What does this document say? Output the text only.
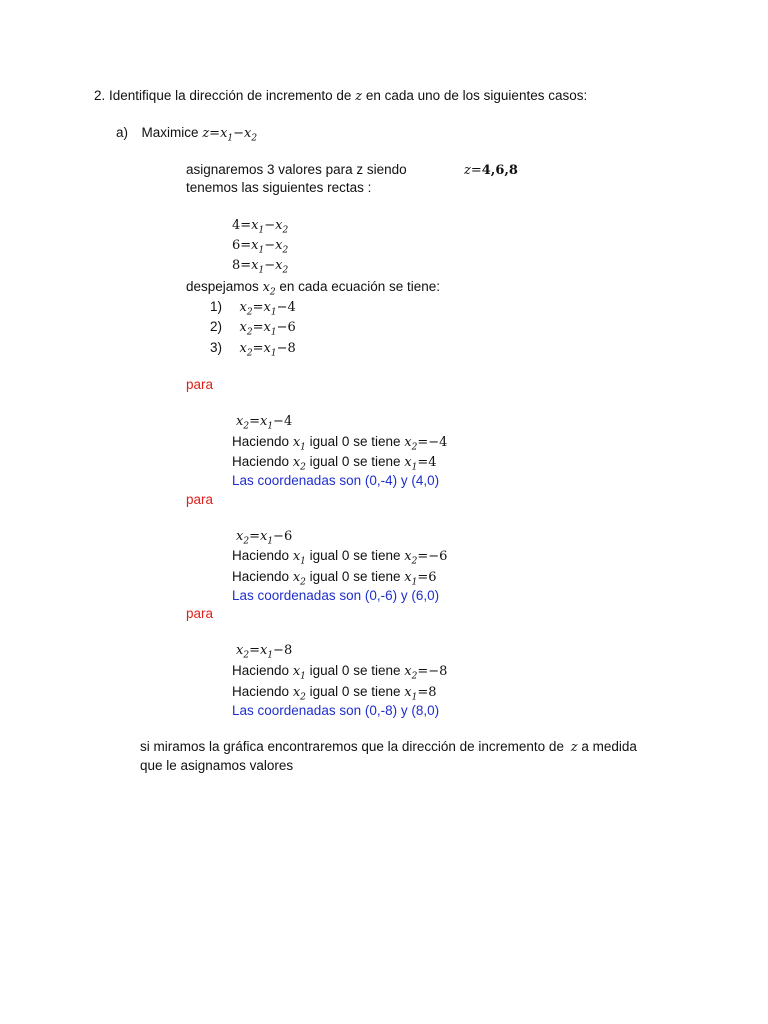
2. Identifique la dirección de incremento de z en cada uno de los siguientes casos:
a) Maximice $z=x_1-x_2$
asignaremos 3 valores para z siendo	z=4,6,8
tenemos las siguientes rectas :
$4=x_1-x_2$
$6=x_1-x_2$
$8=x_1-x_2$
despejamos $x_2$ en cada ecuación se tiene:
1) $x_2=x_1-4$
2) $x_2=x_1-6$
3) $x_2=x_1-8$
para
$x_2=x_1-4$
Haciendo $x_1$ igual 0 se tiene $x_2=-4$
Haciendo $x_2$ igual 0 se tiene $x_1=4$
Las coordenadas son (0,-4) y (4,0)
para
$x_2=x_1-6$
Haciendo $x_1$ igual 0 se tiene $x_2=-6$
Haciendo $x_2$ igual 0 se tiene $x_1=6$
Las coordenadas son (0,-6) y (6,0)
para
$x_2=x_1-8$
Haciendo $x_1$ igual 0 se tiene $x_2=-8$
Haciendo $x_2$ igual 0 se tiene $x_1=8$
Las coordenadas son (0,-8) y (8,0)
si miramos la gráfica encontraremos que la dirección de incremento de z a medida
que le asignamos valores
